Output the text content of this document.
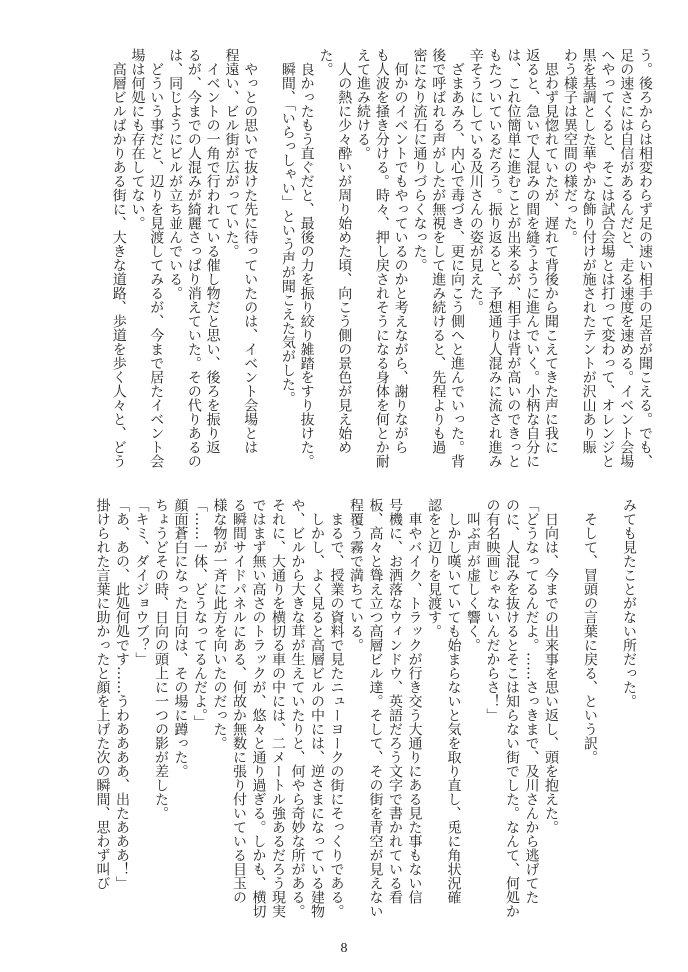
う。後ろからは相変わらず足の速い相手の足音が聞こえる。でも、
足の速さには自信があるんだと、走る速度を速める。イベント会場
へやってくると、そこは試合会場とは打って変わって、オレンジと
黒を基調とした華やかな飾り付けが施されたテントが沢山あり賑
わう様子は異空間の様だった。
　思わず見惚れていたが、遅れて背後から聞こえてきた声に我に
返ると、急いで人混みの間を縫うように進んでいく。小柄な自分に
は、これ位簡単に進むことが出来るが、相手は背が高いのできっと
もたついているだろう。振り返ると、予想通り人混みに流され進み
辛そうにしている及川さんの姿が見えた。
　ざまあみろ、内心で毒づき、更に向こう側へと進んでいった。背
後で呼ばれる声がしたが無視をして進み続けると、先程よりも過
密になり流石に通りづらくなった。
　何かのイベントでもやっているのかと考えながら、謝りながら
も人波を掻き分ける。時々、押し戻されそうになる身体を何とか耐
えて進み続ける。
　人の熱に少々酔いが周り始めた頃、向こう側の景色が見え始め
た。
　良かったもう直ぐだと、最後の力を振り絞り雑踏をすり抜けた。
　瞬間、「いらっしゃい」という声が聞こえた気がした。
　やっとの思いで抜けた先に待っていたのは、イベント会場とは
程遠い、ビル街が広がっていた。
　イベントの一角で行われている催し物だと思い、後ろを振り返
るが、今までの人混みが綺麗さっぱり消えていた。その代りあるの
は、同じようにビルが立ち並んでいる。
　どういう事だと、辺りを見渡してみるが、今まで居たイベント会
場は何処にも存在してない。
　高層ビルばかりある街に、大きな道路、歩道を歩く人々と、どう
みても見たことがない所だった。
　そして、冒頭の言葉に戻る、という訳。
　日向は、今までの出来事を思い返し、頭を抱えた。
「どうなってるんだよ。……さっきまで、及川さんから逃げてた
のに、人混みを抜けるとそこは知らない街でした。なんて、何処か
の有名映画じゃないんだからさ！」
　叫ぶ声が虚しく響く。
　しかし嘆いていても始まらないと気を取り直し、兎に角状況確
認をと辺りを見渡す。
　車やバイク、トラックが行き交う大通りにある見た事もない信
号機に、お洒落なウィンドウ、英語だろう文字で書かれている看
板、高々と聳え立つ高層ビル達。そして、その街を青空が見えない
程覆う霧で満ちている。
　まるで、授業の資料で見たニューヨークの街にそっくりである。
　しかし、よく見ると高層ビルの中には、逆さまになっている建物
や、ビルから大きな茸が生えていたりと、何やら奇妙な所がある。
それに、大通りを横切る車の中には、二メートル強あるだろう現実
ではまず無い高さのトラックが、悠々と通り過ぎる。しかも、横切
る瞬間サイドパネルにある、何故か無数に張り付いている目玉の
様な物が一斉に此方を向いたのだった。
「……一体、どうなってるんだよ。」
顔面蒼白になった日向は、その場に蹲った。
ちょうどその時、日向の頭上に一つの影が差した。
「キミ、ダイジョウブ？」
「あ、あの、此処何処です……うわああああ、出たあああ！」
掛けられた言葉に助かったと顔を上げた次の瞬間、思わず叫び
8
